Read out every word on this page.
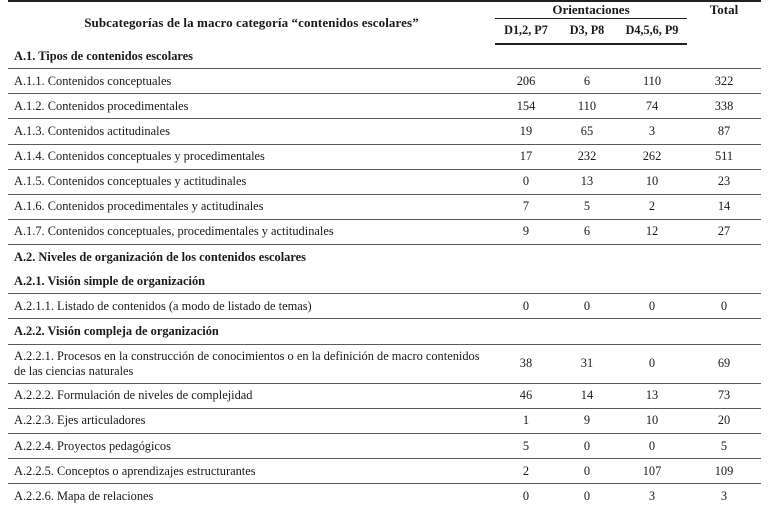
Subcategorías de la macro categoría “contenidos escolares”	Orientaciones			Total
	D1,2, P7	D3, P8	D4,5,6, P9	
A.1. Tipos de contenidos escolares				
A.1.1. Contenidos conceptuales	206	6	110	322
A.1.2. Contenidos procedimentales	154	110	74	338
A.1.3. Contenidos actitudinales	19	65	3	87
A.1.4. Contenidos conceptuales y procedimentales	17	232	262	511
A.1.5. Contenidos conceptuales y actitudinales	0	13	10	23
A.1.6. Contenidos procedimentales y actitudinales	7	5	2	14
A.1.7. Contenidos conceptuales, procedimentales y actitudinales	9	6	12	27
A.2. Niveles de organización de los contenidos escolares				
A.2.1. Visión simple de organización				
A.2.1.1. Listado de contenidos (a modo de listado de temas)	0	0	0	0
A.2.2. Visión compleja de organización				
A.2.2.1. Procesos en la construcción de conocimientos o en la definición de macro contenidos de las ciencias naturales	38	31	0	69
A.2.2.2. Formulación de niveles de complejidad	46	14	13	73
A.2.2.3. Ejes articuladores	1	9	10	20
A.2.2.4. Proyectos pedagógicos	5	0	0	5
A.2.2.5. Conceptos o aprendizajes estructurantes	2	0	107	109
A.2.2.6. Mapa de relaciones	0	0	3	3
